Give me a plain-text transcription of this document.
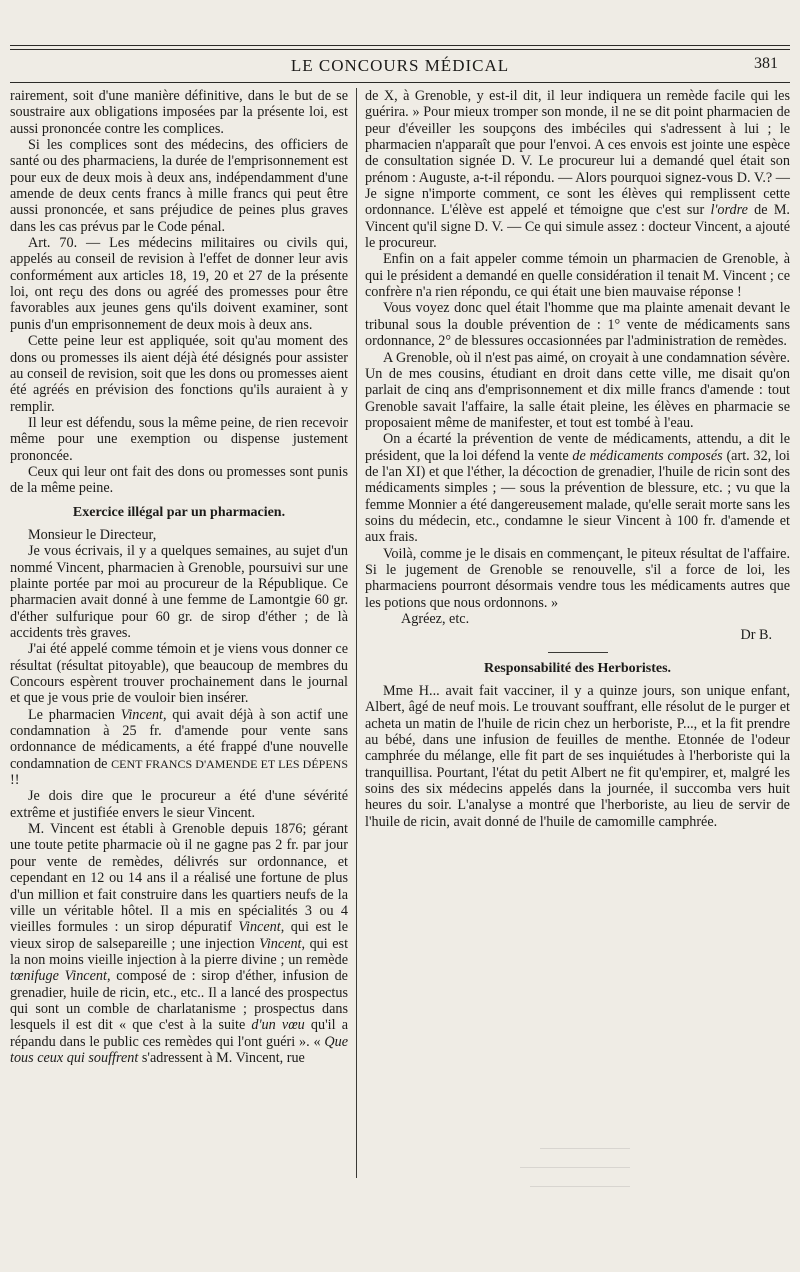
LE CONCOURS MÉDICAL	381

rairement, soit d'une manière définitive, dans le but de se soustraire aux obligations imposées par la présente loi, est aussi prononcée contre les complices.

Si les complices sont des médecins, des officiers de santé ou des pharmaciens, la durée de l'emprisonnement est pour eux de deux mois à deux ans, indépendamment d'une amende de deux cents francs à mille francs qui peut être aussi prononcée, et sans préjudice de peines plus graves dans les cas prévus par le Code pénal.

Art. 70. — Les médecins militaires ou civils qui, appelés au conseil de revision à l'effet de donner leur avis conformément aux articles 18, 19, 20 et 27 de la présente loi, ont reçu des dons ou agréé des promesses pour être favorables aux jeunes gens qu'ils doivent examiner, sont punis d'un emprisonnement de deux mois à deux ans.

Cette peine leur est appliquée, soit qu'au moment des dons ou promesses ils aient déjà été désignés pour assister au conseil de revision, soit que les dons ou promesses aient été agréés en prévision des fonctions qu'ils auraient à y remplir.

Il leur est défendu, sous la même peine, de rien recevoir même pour une exemption ou dispense justement prononcée.

Ceux qui leur ont fait des dons ou promesses sont punis de la même peine.

Exercice illégal par un pharmacien.

Monsieur le Directeur,

Je vous écrivais, il y a quelques semaines, au sujet d'un nommé Vincent, pharmacien à Grenoble, poursuivi sur une plainte portée par moi au procureur de la République. Ce pharmacien avait donné à une femme de Lamontgie 60 gr. d'éther sulfurique pour 60 gr. de sirop d'éther ; de là accidents très graves.

J'ai été appelé comme témoin et je viens vous donner ce résultat (résultat pitoyable), que beaucoup de membres du Concours espèrent trouver prochainement dans le journal et que je vous prie de vouloir bien insérer.

Le pharmacien Vincent, qui avait déjà à son actif une condamnation à 25 fr. d'amende pour vente sans ordonnance de médicaments, a été frappé d'une nouvelle condamnation de CENT FRANCS D'AMENDE ET LES DÉPENS !!

Je dois dire que le procureur a été d'une sévérité extrême et justifiée envers le sieur Vincent.

M. Vincent est établi à Grenoble depuis 1876; gérant une toute petite pharmacie où il ne gagne pas 2 fr. par jour pour vente de remèdes, délivrés sur ordonnance, et cependant en 12 ou 14 ans il a réalisé une fortune de plus d'un million et fait construire dans les quartiers neufs de la ville un véritable hôtel. Il a mis en spécialités 3 ou 4 vieilles formules : un sirop dépuratif Vincent, qui est le vieux sirop de salsepareille ; une injection Vincent, qui est la non moins vieille injection à la pierre divine ; un remède tœnifuge Vincent, composé de : sirop d'éther, infusion de grenadier, huile de ricin, etc., etc.. Il a lancé des prospectus qui sont un comble de charlatanisme ; prospectus dans lesquels il est dit « que c'est à la suite d'un vœu qu'il a répandu dans le public ces remèdes qui l'ont guéri ». « Que tous ceux qui souffrent s'adressent à M. Vincent, rue

de X, à Grenoble, y est-il dit, il leur indiquera un remède facile qui les guérira. » Pour mieux tromper son monde, il ne se dit point pharmacien de peur d'éveiller les soupçons des imbéciles qui s'adressent à lui ; le pharmacien n'apparaît que pour l'envoi. A ces envois est jointe une espèce de consultation signée D. V. Le procureur lui a demandé quel était son prénom : Auguste, a-t-il répondu. — Alors pourquoi signez-vous D. V.? — Je signe n'importe comment, ce sont les élèves qui remplissent cette ordonnance. L'élève est appelé et témoigne que c'est sur l'ordre de M. Vincent qu'il signe D. V. — Ce qui simule assez : docteur Vincent, a ajouté le procureur.

Enfin on a fait appeler comme témoin un pharmacien de Grenoble, à qui le président a demandé en quelle considération il tenait M. Vincent ; ce confrère n'a rien répondu, ce qui était une bien mauvaise réponse !

Vous voyez donc quel était l'homme que ma plainte amenait devant le tribunal sous la double prévention de : 1° vente de médicaments sans ordonnance, 2° de blessures occasionnées par l'administration de remèdes.

A Grenoble, où il n'est pas aimé, on croyait à une condamnation sévère. Un de mes cousins, étudiant en droit dans cette ville, me disait qu'on parlait de cinq ans d'emprisonnement et dix mille francs d'amende : tout Grenoble savait l'affaire, la salle était pleine, les élèves en pharmacie se proposaient même de manifester, et tout est tombé à l'eau.

On a écarté la prévention de vente de médicaments, attendu, a dit le président, que la loi défend la vente de médicaments composés (art. 32, loi de l'an XI) et que l'éther, la décoction de grenadier, l'huile de ricin sont des médicaments simples ; — sous la prévention de blessure, etc. ; vu que la femme Monnier a été dangereusement malade, qu'elle serait morte sans les soins du médecin, etc., condamne le sieur Vincent à 100 fr. d'amende et aux frais.

Voilà, comme je le disais en commençant, le piteux résultat de l'affaire. Si le jugement de Grenoble se renouvelle, s'il a force de loi, les pharmaciens pourront désormais vendre tous les médicaments autres que les potions que nous ordonnons. »

Agréez, etc.
Dr B.

Responsabilité des Herboristes.

Mme H... avait fait vacciner, il y a quinze jours, son unique enfant, Albert, âgé de neuf mois. Le trouvant souffrant, elle résolut de le purger et acheta un matin de l'huile de ricin chez un herboriste, P..., et la fit prendre au bébé, dans une infusion de feuilles de menthe. Etonnée de l'odeur camphrée du mélange, elle fit part de ses inquiétudes à l'herboriste qui la tranquillisa. Pourtant, l'état du petit Albert ne fit qu'empirer, et, malgré les soins des six médecins appelés dans la journée, il succomba vers huit heures du soir. L'analyse a montré que l'herboriste, au lieu de servir de l'huile de ricin, avait donné de l'huile de camomille camphrée.
